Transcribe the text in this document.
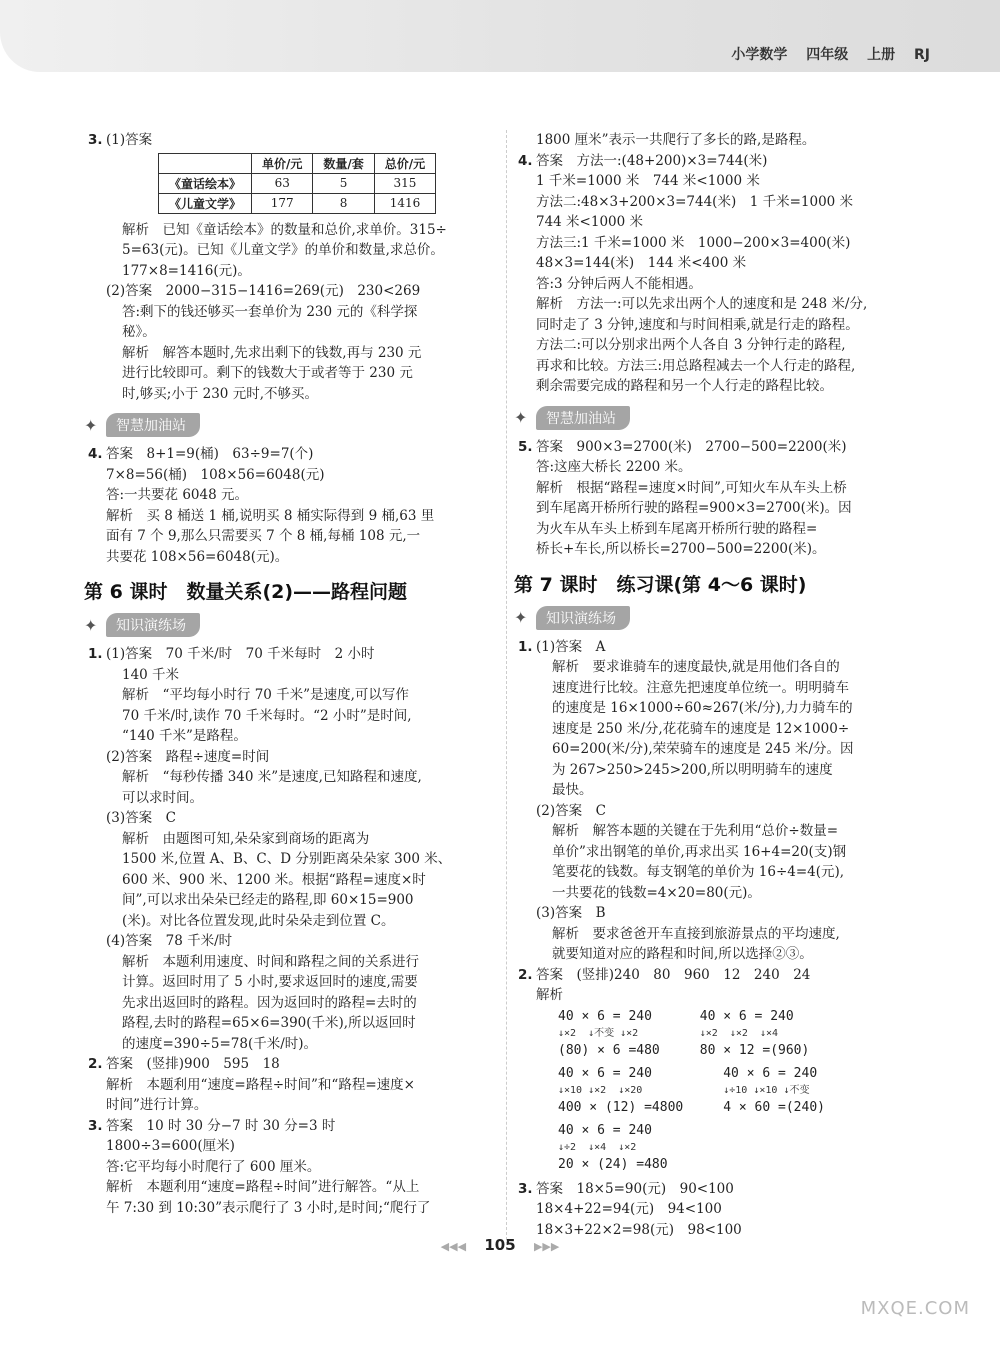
小学数学 四年级 上册 RJ
3. (1)答案
	单价/元	数量/套	总价/元
《童话绘本》	63	5	315
《儿童文学》	177	8	1416
解析　已知《童话绘本》的数量和总价,求单价。315÷
5=63(元)。已知《儿童文学》的单价和数量,求总价。
177×8=1416(元)。
(2)答案　2000−315−1416=269(元)　230<269
答:剩下的钱还够买一套单价为 230 元的《科学探
秘》。
解析　解答本题时,先求出剩下的钱数,再与 230 元
进行比较即可。剩下的钱数大于或者等于 230 元
时,够买;小于 230 元时,不够买。
✦	智慧加油站
4. 答案　8+1=9(桶)　63÷9=7(个)
7×8=56(桶)　108×56=6048(元)
答:一共要花 6048 元。
解析　买 8 桶送 1 桶,说明买 8 桶实际得到 9 桶,63 里
面有 7 个 9,那么只需要买 7 个 8 桶,每桶 108 元,一
共要花 108×56=6048(元)。
第 6 课时　数量关系(2)——路程问题
✦	知识演练场
1. (1)答案　70 千米/时　70 千米每时　2 小时
140 千米
解析　“平均每小时行 70 千米”是速度,可以写作
70 千米/时,读作 70 千米每时。“2 小时”是时间,
“140 千米”是路程。
(2)答案　路程÷速度=时间
解析　“每秒传播 340 米”是速度,已知路程和速度,
可以求时间。
(3)答案　C
解析　由题图可知,朵朵家到商场的距离为
1500 米,位置 A、B、C、D 分别距离朵朵家 300 米、
600 米、900 米、1200 米。根据“路程=速度×时
间”,可以求出朵朵已经走的路程,即 60×15=900
(米)。对比各位置发现,此时朵朵走到位置 C。
(4)答案　78 千米/时
解析　本题利用速度、时间和路程之间的关系进行
计算。返回时用了 5 小时,要求返回时的速度,需要
先求出返回时的路程。因为返回时的路程=去时的
路程,去时的路程=65×6=390(千米),所以返回时
的速度=390÷5=78(千米/时)。
2. 答案　(竖排)900　595　18
解析　本题利用“速度=路程÷时间”和“路程=速度×
时间”进行计算。
3. 答案　10 时 30 分−7 时 30 分=3 时
1800÷3=600(厘米)
答:它平均每小时爬行了 600 厘米。
解析　本题利用“速度=路程÷时间”进行解答。“从上
午 7:30 到 10:30”表示爬行了 3 小时,是时间;“爬行了
1800 厘米”表示一共爬行了多长的路,是路程。
4. 答案　方法一:(48+200)×3=744(米)
1 千米=1000 米　744 米<1000 米
方法二:48×3+200×3=744(米)　1 千米=1000 米
744 米<1000 米
方法三:1 千米=1000 米　1000−200×3=400(米)
48×3=144(米)　144 米<400 米
答:3 分钟后两人不能相遇。
解析　方法一:可以先求出两个人的速度和是 248 米/分,
同时走了 3 分钟,速度和与时间相乘,就是行走的路程。
方法二:可以分别求出两个人各自 3 分钟行走的路程,
再求和比较。方法三:用总路程减去一个人行走的路程,
剩余需要完成的路程和另一个人行走的路程比较。
✦	智慧加油站
5. 答案　900×3=2700(米)　2700−500=2200(米)
答:这座大桥长 2200 米。
解析　根据“路程=速度×时间”,可知火车从车头上桥
到车尾离开桥所行驶的路程=900×3=2700(米)。因
为火车从车头上桥到车尾离开桥所行驶的路程=
桥长+车长,所以桥长=2700−500=2200(米)。
第 7 课时　练习课(第 4～6 课时)
✦	知识演练场
1. (1)答案　A
解析　要求谁骑车的速度最快,就是用他们各自的
速度进行比较。注意先把速度单位统一。明明骑车
的速度是 16×1000÷60≈267(米/分),力力骑车的
速度是 250 米/分,花花骑车的速度是 12×1000÷
60=200(米/分),荣荣骑车的速度是 245 米/分。因
为 267>250>245>200,所以明明骑车的速度
最快。
(2)答案　C
解析　解答本题的关键在于先利用“总价÷数量=
单价”求出钢笔的单价,再求出买 16+4=20(支)钢
笔要花的钱数。每支钢笔的单价为 16÷4=4(元),
一共要花的钱数=4×20=80(元)。
(3)答案　B
解析　要求爸爸开车直接到旅游景点的平均速度,
就要知道对应的路程和时间,所以选择②③。
2. 答案　(竖排)240　80　960　12　240　24
解析
40 × 6 = 240
↓×2  ↓不变 ↓×2
(80) × 6 =480
40 × 6 = 240
↓×2  ↓×2  ↓×4
80 × 12 =(960)
40 × 6 = 240
↓×10 ↓×2  ↓×20
400 × (12) =4800
40 × 6 = 240
↓÷10 ↓×10 ↓不变
4 × 60 =(240)
40 × 6 = 240
↓÷2  ↓×4  ↓×2
20 × (24) =480
3. 答案　18×5=90(元)　90<100
18×4+22=94(元)　94<100
18×3+22×2=98(元)　98<100
◀◀◀ 105 ▶▶▶
MXQE.COM
